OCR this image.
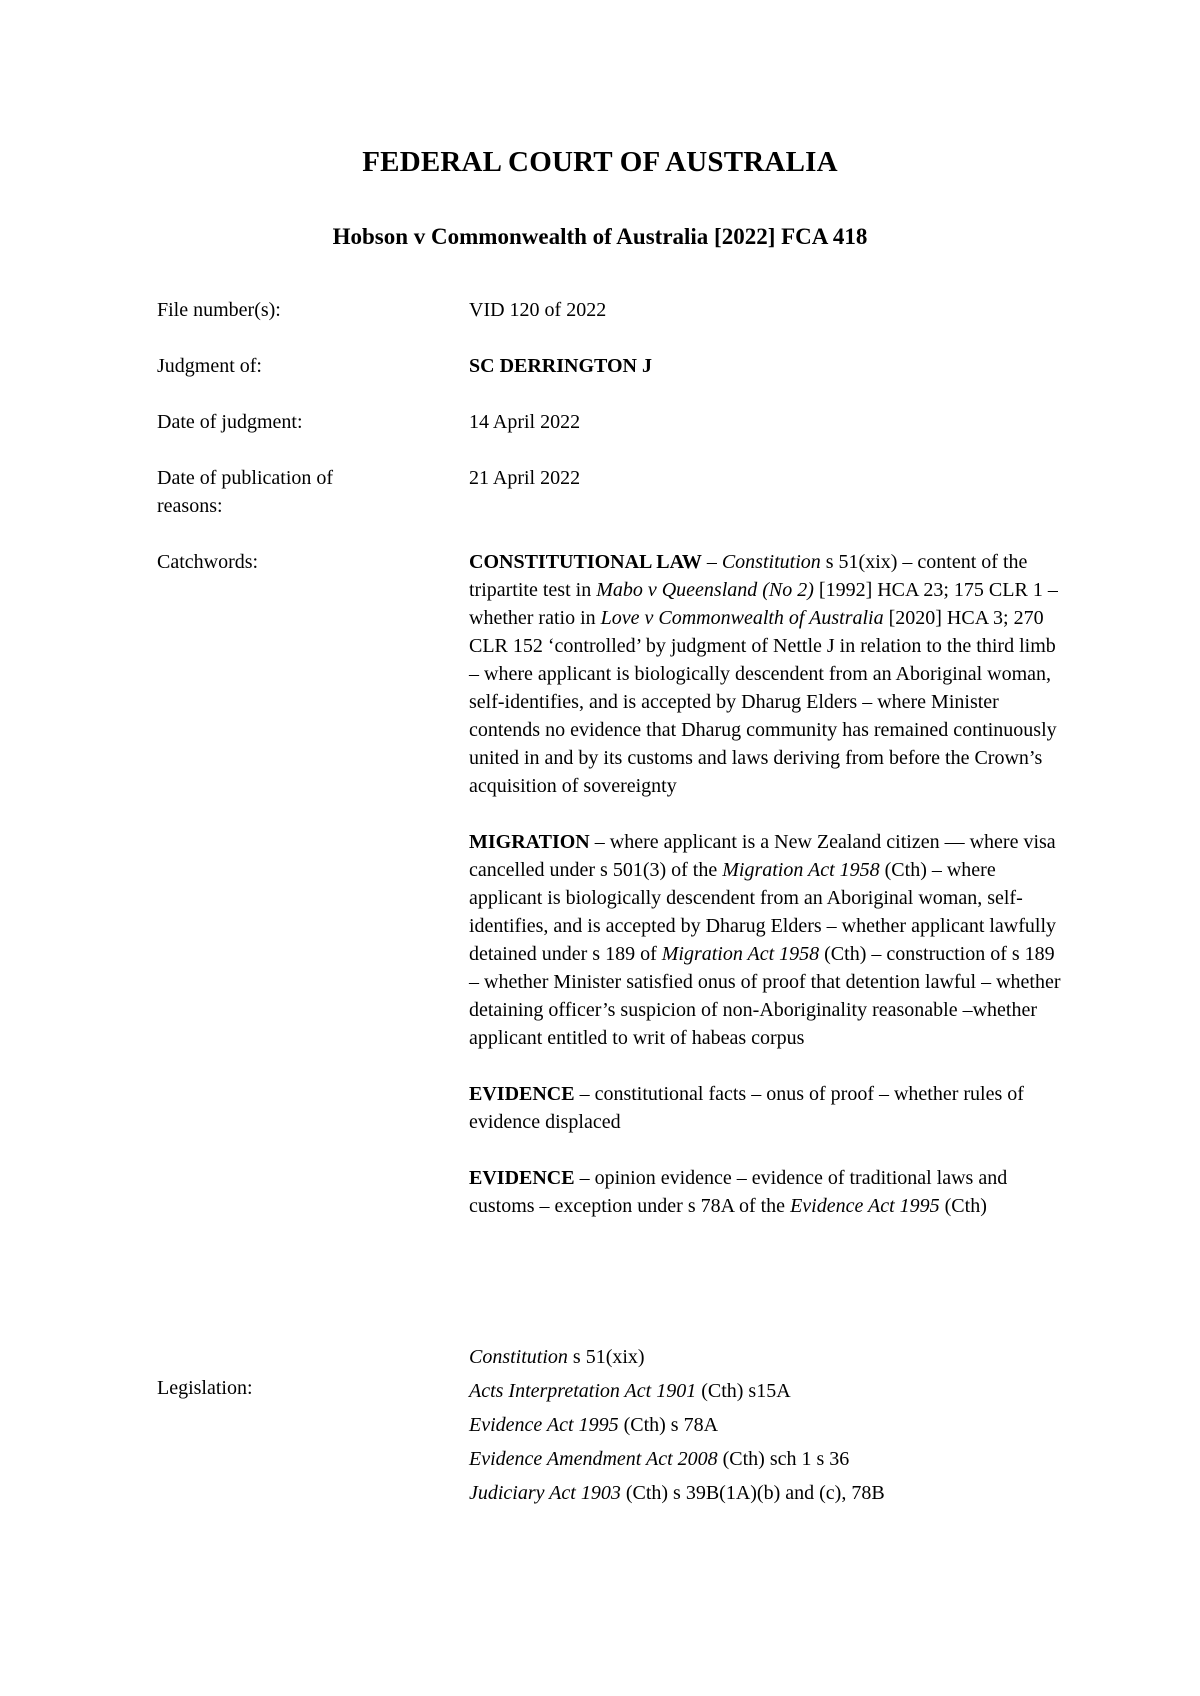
FEDERAL COURT OF AUSTRALIA
Hobson v Commonwealth of Australia [2022] FCA 418
File number(s):	VID 120 of 2022
Judgment of:	SC DERRINGTON J
Date of judgment:	14 April 2022
Date of publication of reasons:
21 April 2022
Catchwords:	CONSTITUTIONAL LAW – Constitution s 51(xix) – content of the tripartite test in Mabo v Queensland (No 2) [1992] HCA 23; 175 CLR 1 – whether ratio in Love v Commonwealth of Australia [2020] HCA 3; 270 CLR 152 ‘controlled’ by judgment of Nettle J in relation to the third limb – where applicant is biologically descendent from an Aboriginal woman, self-identifies, and is accepted by Dharug Elders – where Minister contends no evidence that Dharug community has remained continuously united in and by its customs and laws deriving from before the Crown’s acquisition of sovereignty

MIGRATION – where applicant is a New Zealand citizen — where visa cancelled under s 501(3) of the Migration Act 1958 (Cth) – where applicant is biologically descendent from an Aboriginal woman, self-identifies, and is accepted by Dharug Elders – whether applicant lawfully detained under s 189 of Migration Act 1958 (Cth) – construction of s 189 – whether Minister satisfied onus of proof that detention lawful – whether detaining officer’s suspicion of non-Aboriginality reasonable –whether applicant entitled to writ of habeas corpus

EVIDENCE – constitutional facts – onus of proof – whether rules of evidence displaced

EVIDENCE – opinion evidence – evidence of traditional laws and customs – exception under s 78A of the Evidence Act 1995 (Cth)

Legislation:
Constitution s 51(xix)
Acts Interpretation Act 1901 (Cth) s15A
Evidence Act 1995 (Cth) s 78A
Evidence Amendment Act 2008 (Cth) sch 1 s 36
Judiciary Act 1903 (Cth) s 39B(1A)(b) and (c), 78B
